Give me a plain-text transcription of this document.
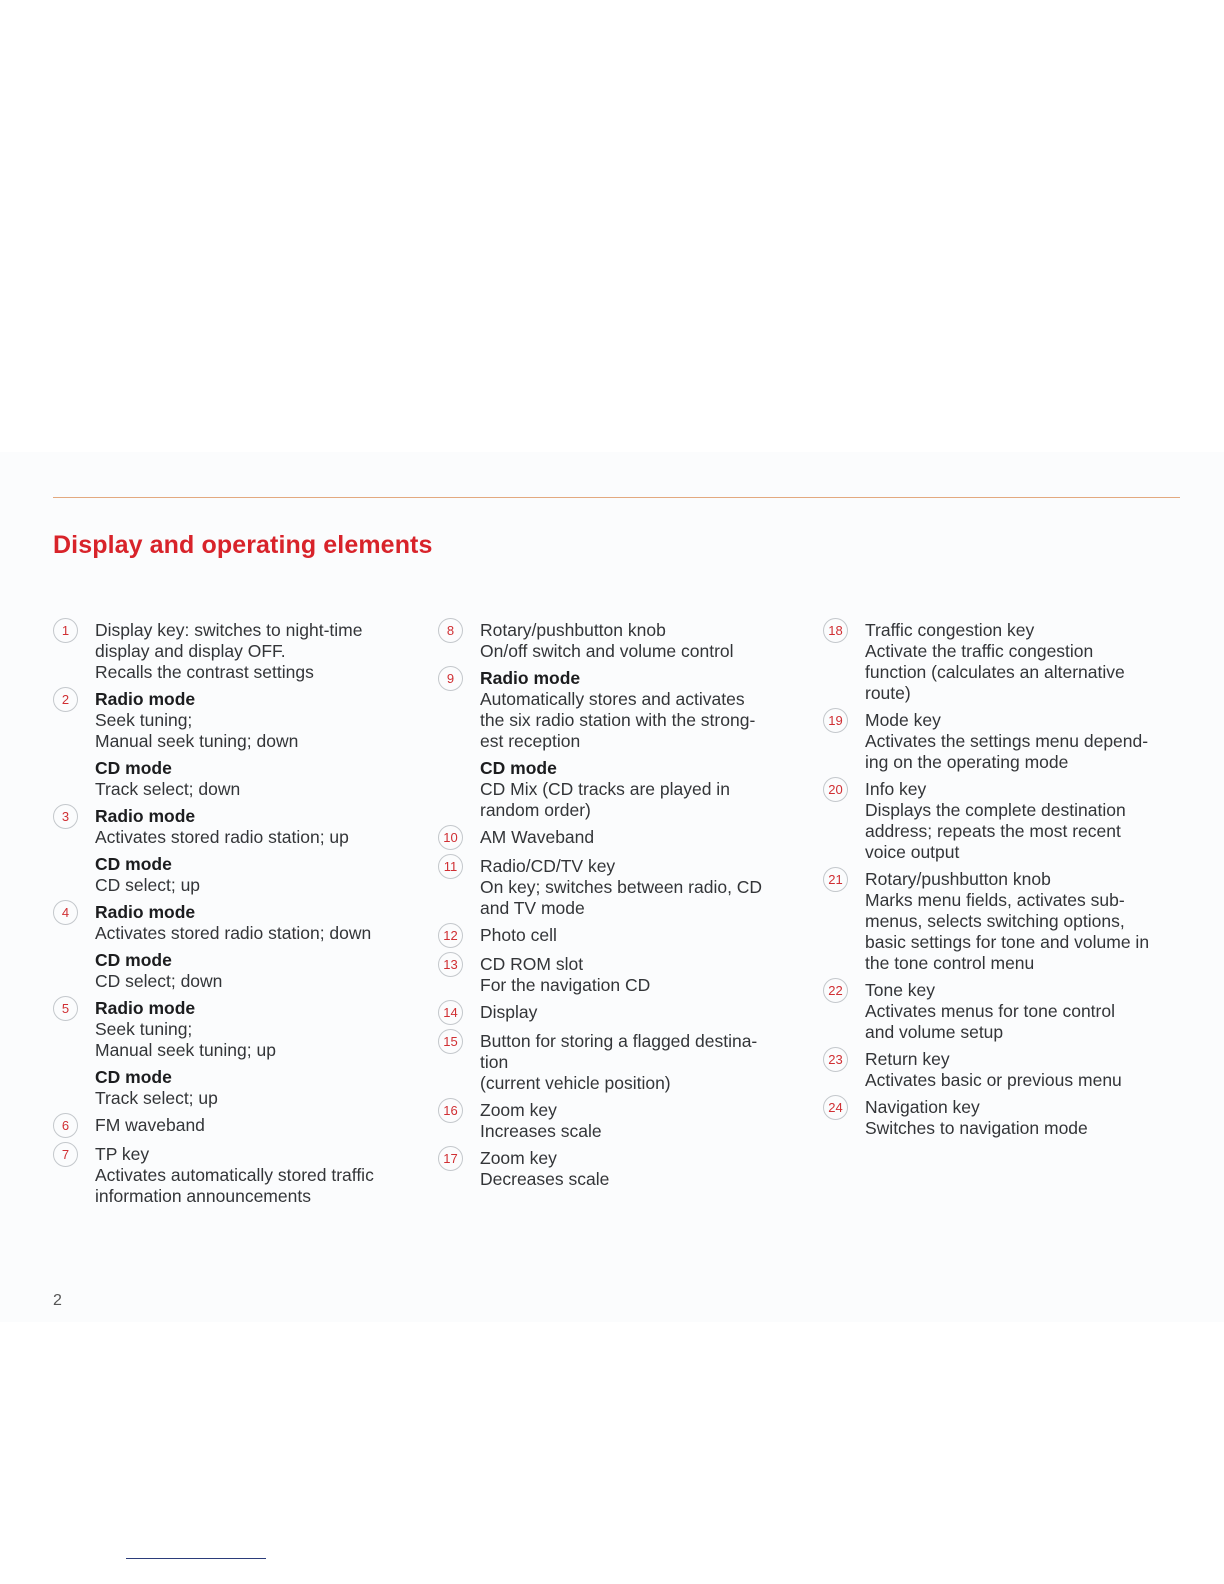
Display and operating elements
1	Display key: switches to night-time
display and display OFF.
Recalls the contrast settings
2	Radio mode
Seek tuning;
Manual seek tuning; down
CD mode
Track select; down
3	Radio mode
Activates stored radio station; up
CD mode
CD select; up
4	Radio mode
Activates stored radio station; down
CD mode
CD select; down
5	Radio mode
Seek tuning;
Manual seek tuning; up
CD mode
Track select; up
6	FM waveband
7	TP key
Activates automatically stored traffic
information announcements
8	Rotary/pushbutton knob
On/off switch and volume control
9	Radio mode
Automatically stores and activates
the six radio station with the strong-
est reception
CD mode
CD Mix (CD tracks are played in
random order)
10	AM Waveband
11	Radio/CD/TV key
On key; switches between radio, CD
and TV mode
12	Photo cell
13	CD ROM slot
For the navigation CD
14	Display
15	Button for storing a flagged destina-
tion
(current vehicle position)
16	Zoom key
Increases scale
17	Zoom key
Decreases scale
18	Traffic congestion key
Activate the traffic congestion
function (calculates an alternative
route)
19	Mode key
Activates the settings menu depend-
ing on the operating mode
20	Info key
Displays the complete destination
address; repeats the most recent
voice output
21	Rotary/pushbutton knob
Marks menu fields, activates sub-
menus, selects switching options,
basic settings for tone and volume in
the tone control menu
22	Tone key
Activates menus for tone control
and volume setup
23	Return key
Activates basic or previous menu
24	Navigation key
Switches to navigation mode
2
